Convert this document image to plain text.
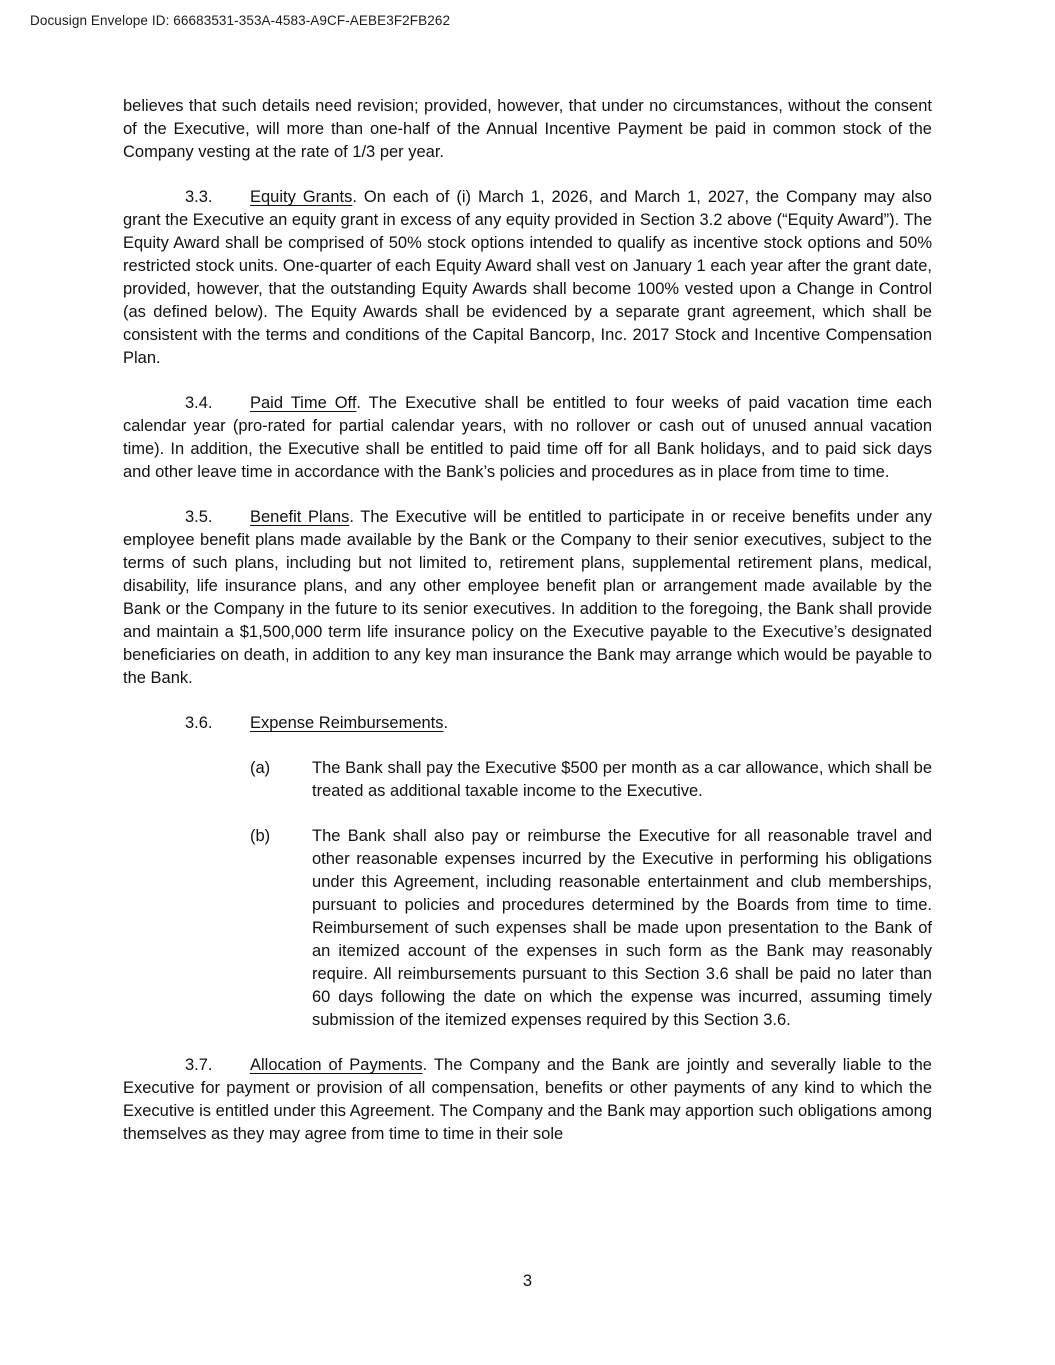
Docusign Envelope ID: 66683531-353A-4583-A9CF-AEBE3F2FB262

believes that such details need revision; provided, however, that under no circumstances, without the consent of the Executive, will more than one-half of the Annual Incentive Payment be paid in common stock of the Company vesting at the rate of 1/3 per year.

3.3. Equity Grants. On each of (i) March 1, 2026, and March 1, 2027, the Company may also grant the Executive an equity grant in excess of any equity provided in Section 3.2 above (“Equity Award”). The Equity Award shall be comprised of 50% stock options intended to qualify as incentive stock options and 50% restricted stock units. One-quarter of each Equity Award shall vest on January 1 each year after the grant date, provided, however, that the outstanding Equity Awards shall become 100% vested upon a Change in Control (as defined below). The Equity Awards shall be evidenced by a separate grant agreement, which shall be consistent with the terms and conditions of the Capital Bancorp, Inc. 2017 Stock and Incentive Compensation Plan.

3.4. Paid Time Off. The Executive shall be entitled to four weeks of paid vacation time each calendar year (pro-rated for partial calendar years, with no rollover or cash out of unused annual vacation time). In addition, the Executive shall be entitled to paid time off for all Bank holidays, and to paid sick days and other leave time in accordance with the Bank’s policies and procedures as in place from time to time.

3.5. Benefit Plans. The Executive will be entitled to participate in or receive benefits under any employee benefit plans made available by the Bank or the Company to their senior executives, subject to the terms of such plans, including but not limited to, retirement plans, supplemental retirement plans, medical, disability, life insurance plans, and any other employee benefit plan or arrangement made available by the Bank or the Company in the future to its senior executives. In addition to the foregoing, the Bank shall provide and maintain a $1,500,000 term life insurance policy on the Executive payable to the Executive’s designated beneficiaries on death, in addition to any key man insurance the Bank may arrange which would be payable to the Bank.

3.6. Expense Reimbursements.

(a)	The Bank shall pay the Executive $500 per month as a car allowance, which shall be treated as additional taxable income to the Executive.

(b)	The Bank shall also pay or reimburse the Executive for all reasonable travel and other reasonable expenses incurred by the Executive in performing his obligations under this Agreement, including reasonable entertainment and club memberships, pursuant to policies and procedures determined by the Boards from time to time. Reimbursement of such expenses shall be made upon presentation to the Bank of an itemized account of the expenses in such form as the Bank may reasonably require. All reimbursements pursuant to this Section 3.6 shall be paid no later than 60 days following the date on which the expense was incurred, assuming timely submission of the itemized expenses required by this Section 3.6.

3.7. Allocation of Payments. The Company and the Bank are jointly and severally liable to the Executive for payment or provision of all compensation, benefits or other payments of any kind to which the Executive is entitled under this Agreement. The Company and the Bank may apportion such obligations among themselves as they may agree from time to time in their sole

3
